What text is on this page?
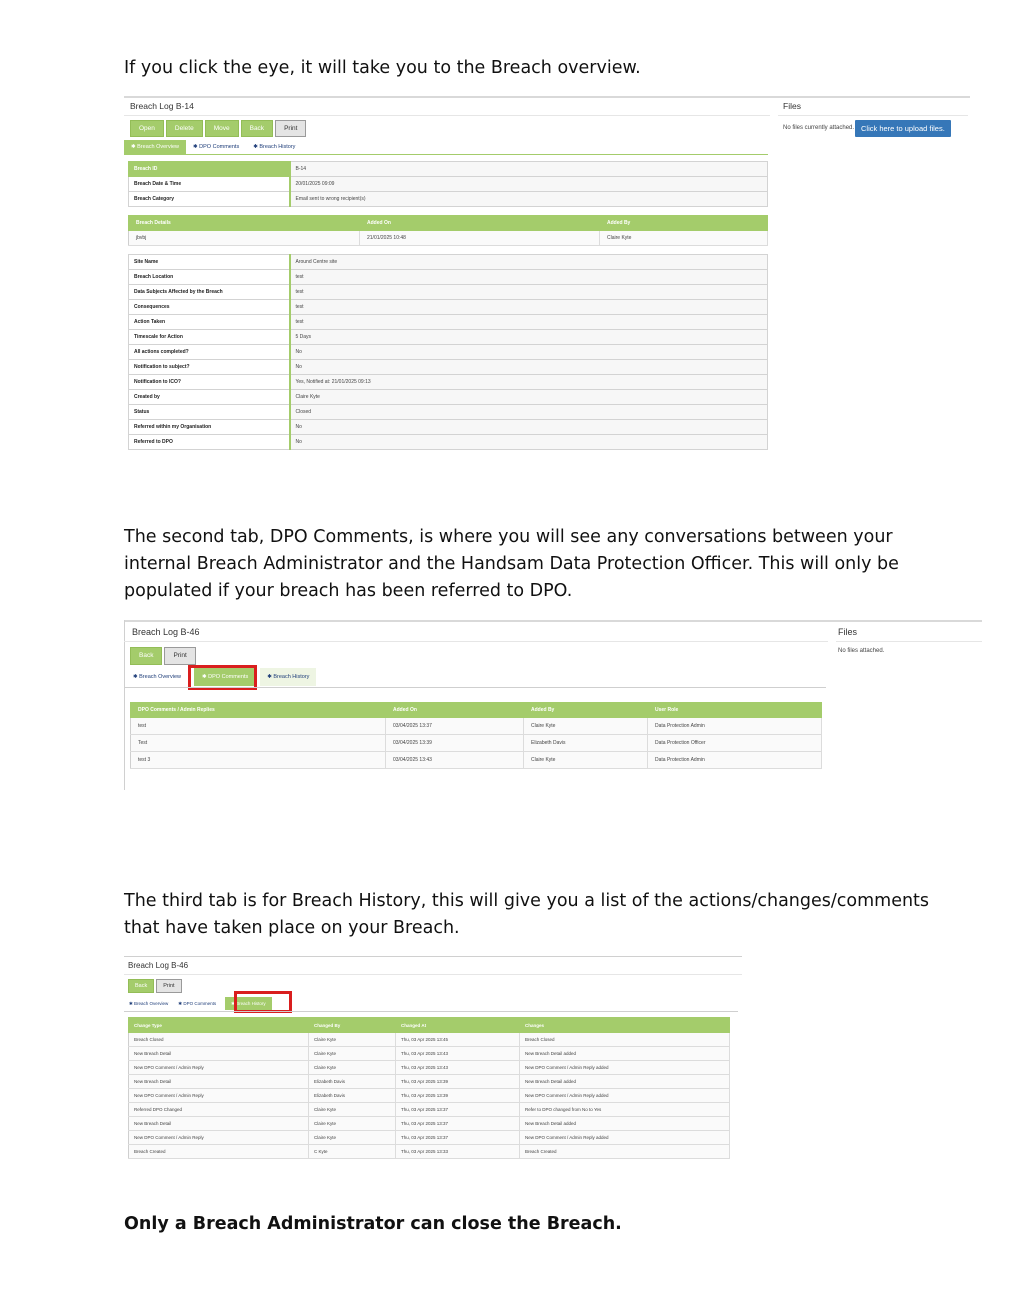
If you click the eye, it will take you to the Breach overview.

Breach Log B-14	Files
No files currently attached. Click here to upload files.
Open	Delete	Move	Back	Print
✱ Breach Overview	✱ DPO Comments	✱ Breach History
Breach ID	B-14
Breach Date & Time	20/01/2025 09:09
Breach Category	Email sent to wrong recipient(s)
Breach Details	Added On	Added By
jbvbj	21/01/2025 10:48	Claire Kyte
Site Name	Around Centre site
Breach Location	test
Data Subjects Affected by the Breach	test
Consequences	test
Action Taken	test
Timescale for Action	5 Days
All actions completed?	No
Notification to subject?	No
Notification to ICO?	Yes, Notified at: 21/01/2025 09:13
Created by	Claire Kyte
Status	Closed
Referred within my Organisation	No
Referred to DPO	No

The second tab, DPO Comments, is where you will see any conversations between your

internal Breach Administrator and the Handsam Data Protection Officer. This will only be

populated if your breach has been referred to DPO.

Breach Log B-46	Files
No files attached.
Back	Print
✱ Breach Overview	✱ DPO Comments	✱ Breach History
DPO Comments / Admin Replies	Added On	Added By	User Role
test	03/04/2025 13:37	Claire Kyte	Data Protection Admin
Test	03/04/2025 13:39	Elizabeth Davis	Data Protection Officer
test 3	03/04/2025 13:43	Claire Kyte	Data Protection Admin

The third tab is for Breach History, this will give you a list of the actions/changes/comments

that have taken place on your Breach.

Breach Log B-46
Back	Print
✱ Breach Overview	✱ DPO Comments	✱ Breach History
Change Type	Changed By	Changed At	Changes
Breach Closed	Claire Kyte	Thu, 03 Apr 2025 13:45	Breach Closed
New Breach Detail	Claire Kyte	Thu, 03 Apr 2025 13:43	New Breach Detail added
New DPO Comment / Admin Reply	Claire Kyte	Thu, 03 Apr 2025 13:43	New DPO Comment / Admin Reply added
New Breach Detail	Elizabeth Davis	Thu, 03 Apr 2025 13:39	New Breach Detail added
New DPO Comment / Admin Reply	Elizabeth Davis	Thu, 03 Apr 2025 13:39	New DPO Comment / Admin Reply added
Referred DPO Changed	Claire Kyte	Thu, 03 Apr 2025 13:37	Refer to DPO changed from No to Yes
New Breach Detail	Claire Kyte	Thu, 03 Apr 2025 13:37	New Breach Detail added
New DPO Comment / Admin Reply	Claire Kyte	Thu, 03 Apr 2025 13:37	New DPO Comment / Admin Reply added
Breach Created	C Kyte	Thu, 03 Apr 2025 13:33	Breach Created

Only a Breach Administrator can close the Breach.
